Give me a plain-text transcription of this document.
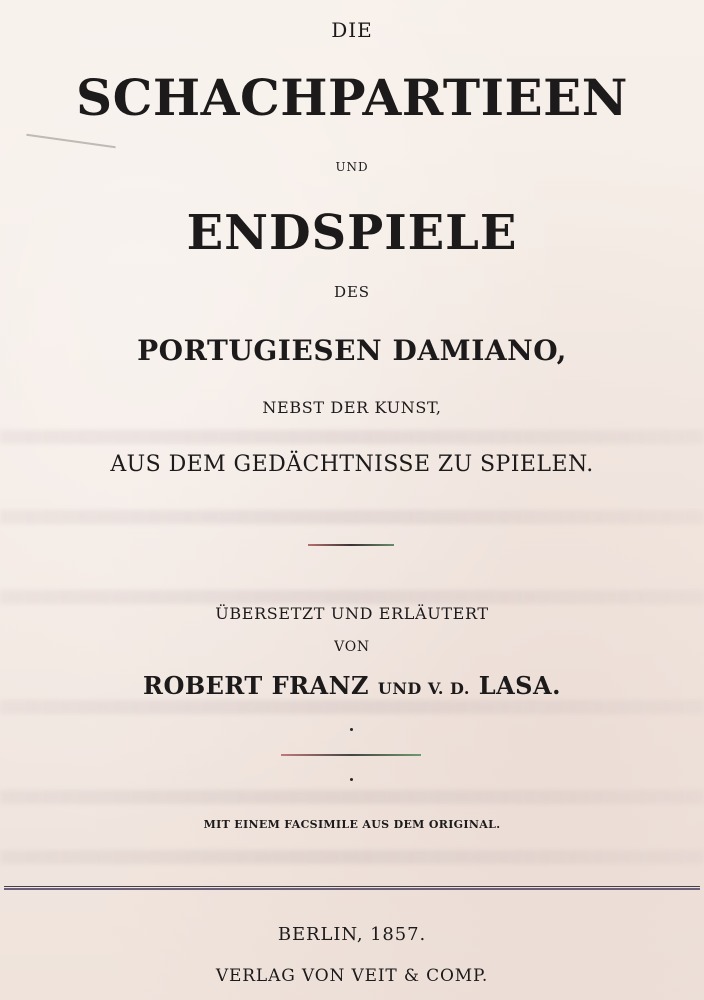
DIE
SCHACHPARTIEEN
UND
ENDSPIELE
DES
PORTUGIESEN DAMIANO,
NEBST DER KUNST,
AUS DEM GEDÄCHTNISSE ZU SPIELEN.
ÜBERSETZT UND ERLÄUTERT
VON
ROBERT FRANZ UND V. D. LASA.
MIT EINEM FACSIMILE AUS DEM ORIGINAL.
BERLIN, 1857.
VERLAG VON VEIT & COMP.
